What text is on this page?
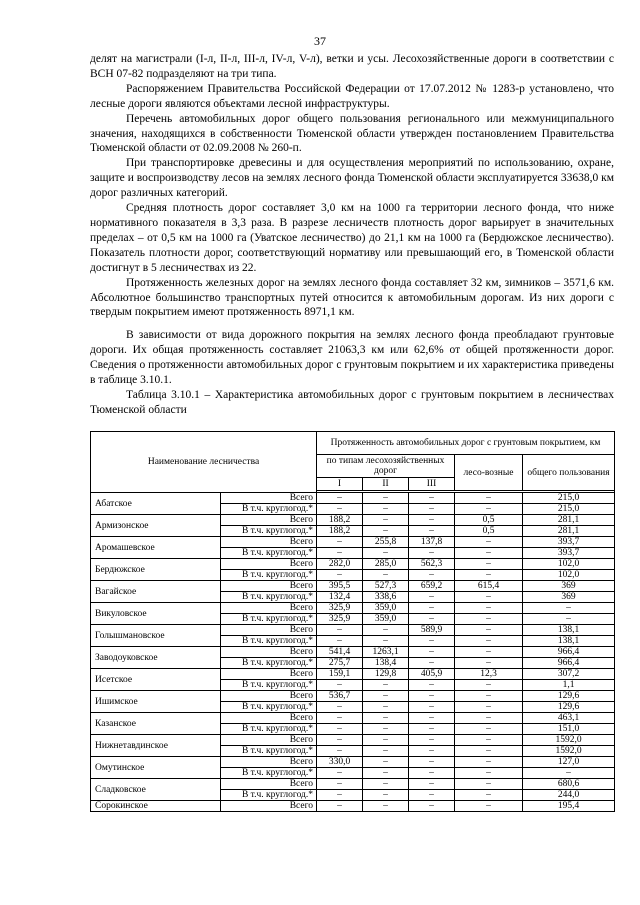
37

делят на магистрали (I-л, II-л, III-л, IV-л, V-л), ветки и усы. Лесохозяйственные дороги в соответствии с ВСН 07-82 подразделяют на три типа.

Распоряжением Правительства Российской Федерации от 17.07.2012 № 1283-р установлено, что лесные дороги являются объектами лесной инфраструктуры.

Перечень автомобильных дорог общего пользования регионального или межмуниципального значения, находящихся в собственности Тюменской области утвержден постановлением Правительства Тюменской области от 02.09.2008 № 260-п.

При транспортировке древесины и для осуществления мероприятий по использованию, охране, защите и воспроизводству лесов на землях лесного фонда Тюменской области эксплуатируется 33638,0 км дорог различных категорий.

Средняя плотность дорог составляет 3,0 км на 1000 га территории лесного фонда, что ниже нормативного показателя в 3,3 раза. В разрезе лесничеств плотность дорог варьирует в значительных пределах – от 0,5 км на 1000 га (Уватское лесничество) до 21,1 км на 1000 га (Бердюжское лесничество). Показатель плотности дорог, соответствующий нормативу или превышающий его, в Тюменской области достигнут в 5 лесничествах из 22.

Протяженность железных дорог на землях лесного фонда составляет 32 км, зимников – 3571,6 км. Абсолютное большинство транспортных путей относится к автомобильным дорогам. Из них дороги с твердым покрытием имеют протяженность 8971,1 км.

В зависимости от вида дорожного покрытия на землях лесного фонда преобладают грунтовые дороги. Их общая протяженность составляет 21063,3 км или 62,6% от общей протяженности дорог. Сведения о протяженности автомобильных дорог с грунтовым покрытием и их характеристика приведены в таблице 3.10.1.

Таблица 3.10.1 – Характеристика автомобильных дорог с грунтовым покрытием в лесничествах Тюменской области

Наименование лесничества		Протяженность автомобильных дорог с грунтовым покрытием, км				
		по типам лесохозяйственных дорог			лесо-возные	общего пользования
		I	II	III		

Абатское	Всего	–	–	–	–	215,0
	В т.ч. круглогод.*	–	–	–	–	215,0
Армизонское	Всего	188,2	–	–	0,5	281,1
	В т.ч. круглогод.*	188,2	–	–	0,5	281,1
Аромашевское	Всего	–	255,8	137,8	–	393,7
	В т.ч. круглогод.*	–	–	–	–	393,7
Бердюжское	Всего	282,0	285,0	562,3	–	102,0
	В т.ч. круглогод.*	–	–	–	–	102,0
Вагайское	Всего	395,5	527,3	659,2	615,4	369
	В т.ч. круглогод.*	132,4	338,6	–	–	369
Викуловское	Всего	325,9	359,0	–	–	–
	В т.ч. круглогод.*	325,9	359,0	–	–	–
Голышмановское	Всего	–	–	589,9	–	138,1
	В т.ч. круглогод.*	–	–	–	–	138,1
Заводоуковское	Всего	541,4	1263,1	–	–	966,4
	В т.ч. круглогод.*	275,7	138,4	–	–	966,4
Исетское	Всего	159,1	129,8	405,9	12,3	307,2
	В т.ч. круглогод.*	–	–	–	–	1,1
Ишимское	Всего	536,7	–	–	–	129,6
	В т.ч. круглогод.*	–	–	–	–	129,6
Казанское	Всего	–	–	–	–	463,1
	В т.ч. круглогод.*	–	–	–	–	151,0
Нижнетавдинское	Всего	–	–	–	–	1592,0
	В т.ч. круглогод.*	–	–	–	–	1592,0
Омутинское	Всего	330,0	–	–	–	127,0
	В т.ч. круглогод.*	–	–	–	–	–
Сладковское	Всего	–	–	–	–	680,6
	В т.ч. круглогод.*	–	–	–	–	244,0
Сорокинское	Всего	–	–	–	–	195,4
